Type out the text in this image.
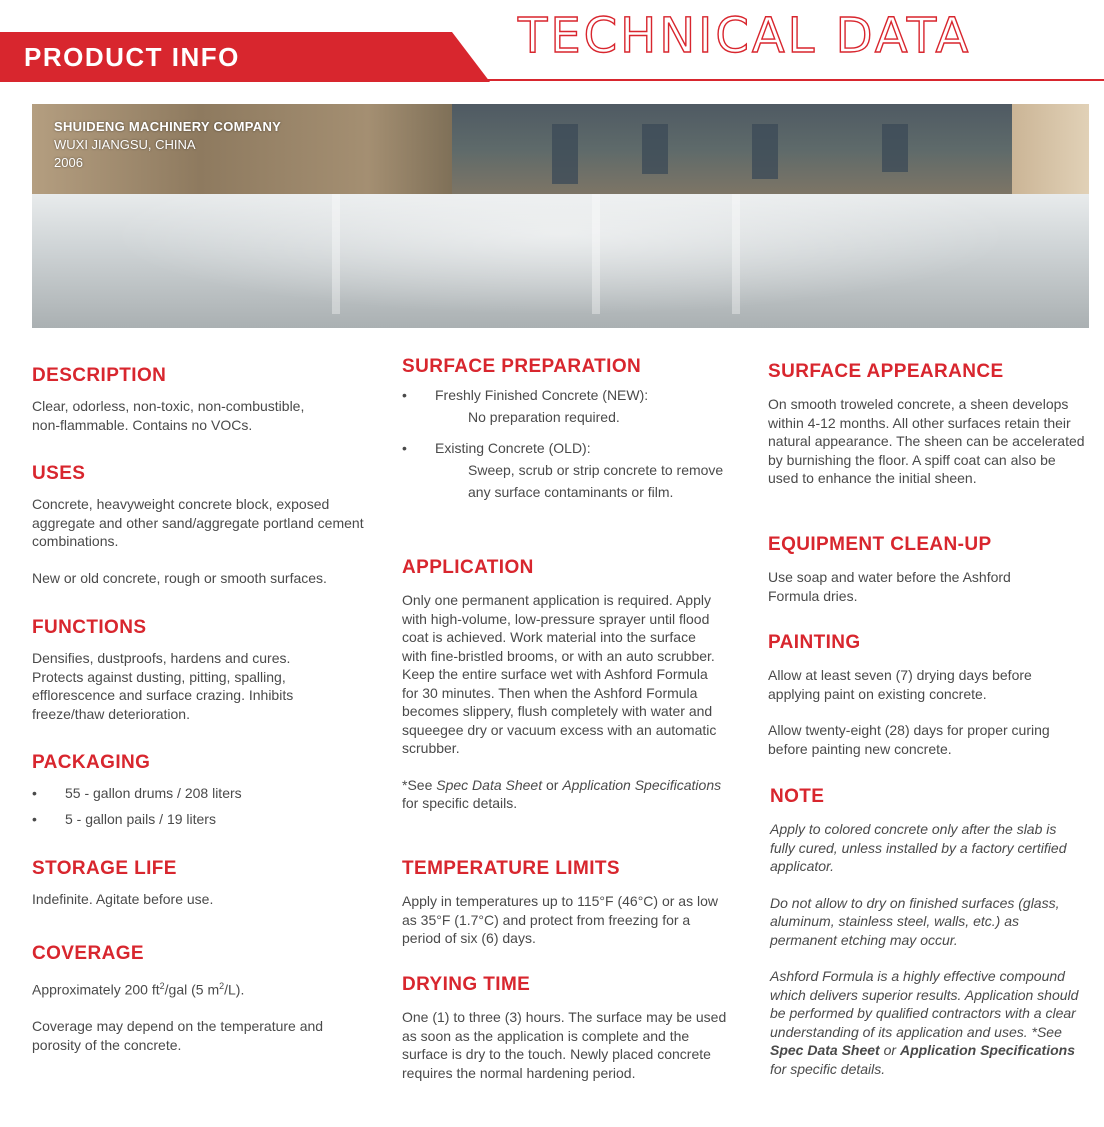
PRODUCT INFO	TECHNICAL DATA
SHUIDENG MACHINERY COMPANY
WUXI JIANGSU, CHINA
2006
DESCRIPTION
Clear, odorless, non-toxic, non-combustible,
non-flammable. Contains no VOCs.
USES
Concrete, heavyweight concrete block, exposed aggregate and other sand/aggregate portland cement combinations.
New or old concrete, rough or smooth surfaces.
FUNCTIONS
Densifies, dustproofs, hardens and cures. Protects against dusting, pitting, spalling, efflorescence and surface crazing. Inhibits freeze/thaw deterioration.
PACKAGING
• 55 - gallon drums / 208 liters
• 5 - gallon pails / 19 liters
STORAGE LIFE
Indefinite. Agitate before use.
COVERAGE
Approximately 200 $ft^2$/gal (5 $m^2/L$).
Coverage may depend on the temperature and porosity of the concrete.
SURFACE PREPARATION
• Freshly Finished Concrete (NEW):
No preparation required.
• Existing Concrete (OLD):
Sweep, scrub or strip concrete to remove any surface contaminants or film.
APPLICATION
Only one permanent application is required. Apply with high-volume, low-pressure sprayer until flood coat is achieved. Work material into the surface with fine-bristled brooms, or with an auto scrubber. Keep the entire surface wet with Ashford Formula for 30 minutes. Then when the Ashford Formula becomes slippery, flush completely with water and squeegee dry or vacuum excess with an automatic scrubber.
*See Spec Data Sheet or Application Specifications for specific details.
TEMPERATURE LIMITS
Apply in temperatures up to 115°F (46°C) or as low as 35°F (1.7°C) and protect from freezing for a period of six (6) days.
DRYING TIME
One (1) to three (3) hours. The surface may be used as soon as the application is complete and the surface is dry to the touch. Newly placed concrete requires the normal hardening period.
SURFACE APPEARANCE
On smooth troweled concrete, a sheen develops within 4-12 months. All other surfaces retain their natural appearance. The sheen can be accelerated by burnishing the floor. A spiff coat can also be used to enhance the initial sheen.
EQUIPMENT CLEAN-UP
Use soap and water before the Ashford Formula dries.
PAINTING
Allow at least seven (7) drying days before applying paint on existing concrete.
Allow twenty-eight (28) days for proper curing before painting new concrete.
NOTE
Apply to colored concrete only after the slab is fully cured, unless installed by a factory certified applicator.
Do not allow to dry on finished surfaces (glass, aluminum, stainless steel, walls, etc.) as permanent etching may occur.
Ashford Formula is a highly effective compound which delivers superior results. Application should be performed by qualified contractors with a clear understanding of its application and uses. *See Spec Data Sheet or Application Specifications for specific details.
